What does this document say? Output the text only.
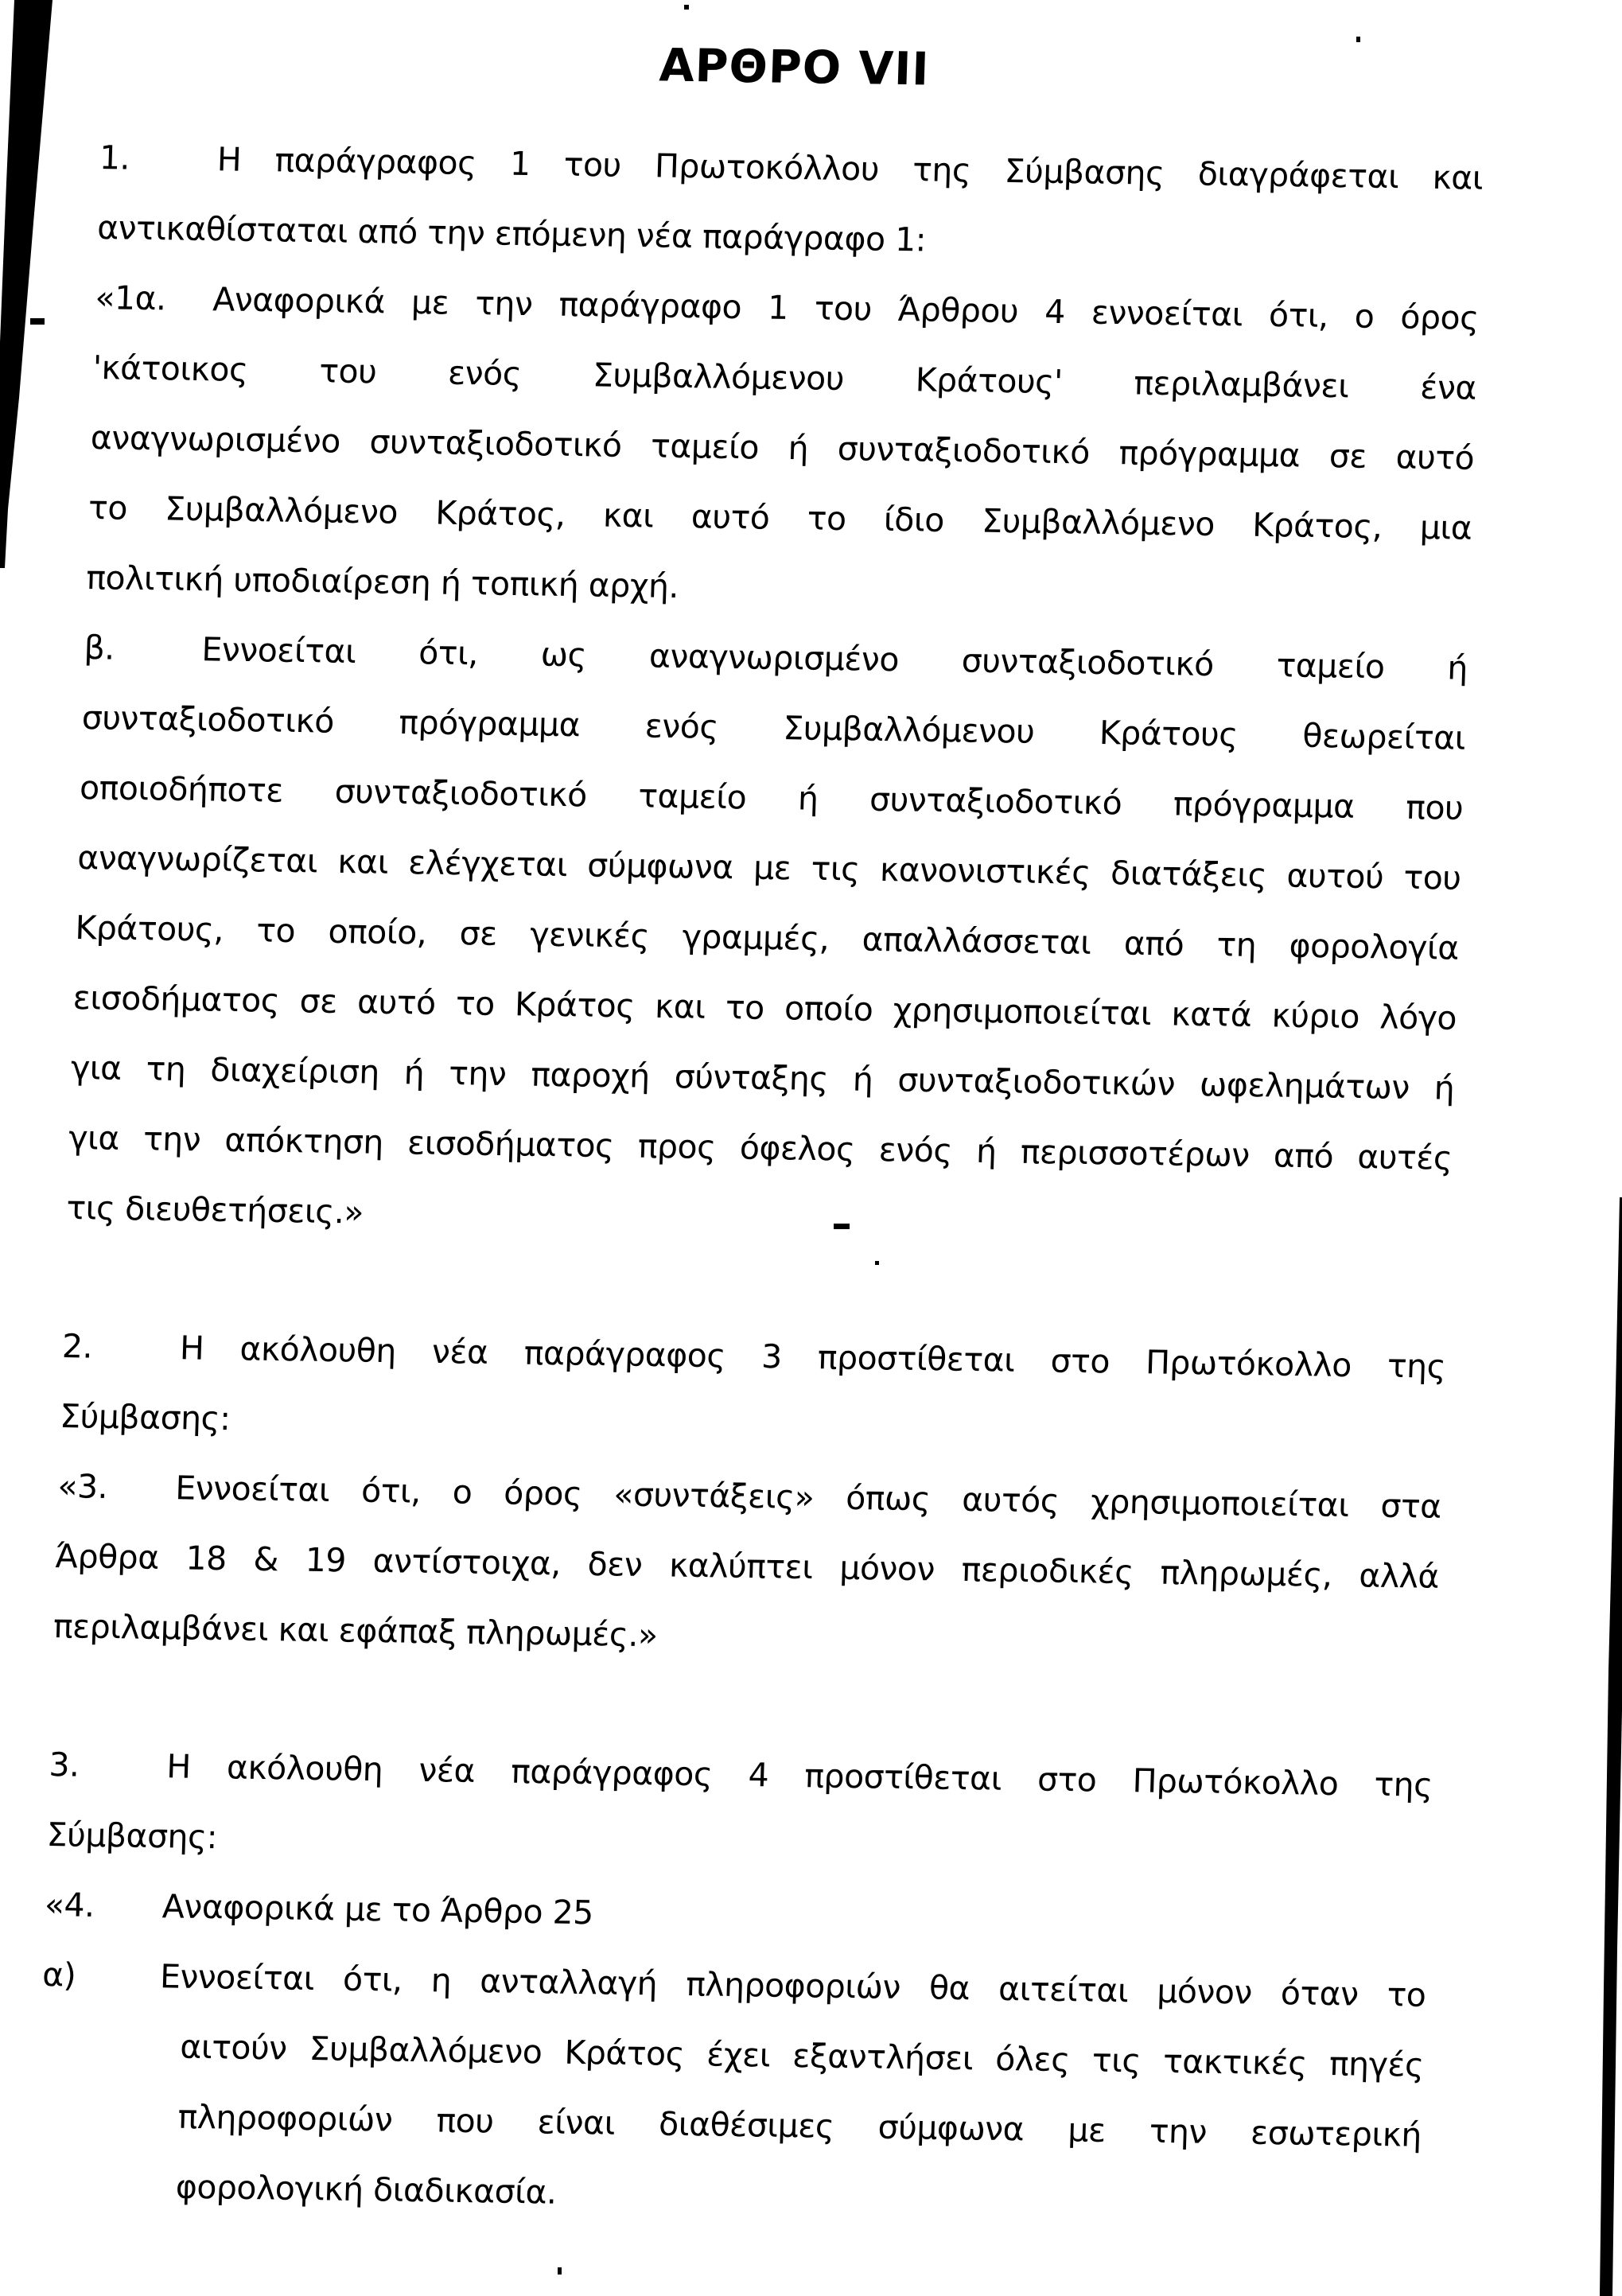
ΑΡΘΡΟ VII
1.	Η παράγραφος 1 του Πρωτοκόλλου της Σύμβασης διαγράφεται και
αντικαθίσταται από την επόμενη νέα παράγραφο 1:
«1α.	Αναφορικά με την παράγραφο 1 του Άρθρου 4 εννοείται ότι, ο όρος
'κάτοικος του ενός Συμβαλλόμενου Κράτους' περιλαμβάνει ένα
αναγνωρισμένο συνταξιοδοτικό ταμείο ή συνταξιοδοτικό πρόγραμμα σε αυτό
το Συμβαλλόμενο Κράτος, και αυτό το ίδιο Συμβαλλόμενο Κράτος, μια
πολιτική υποδιαίρεση ή τοπική αρχή.
β.	Εννοείται ότι, ως αναγνωρισμένο συνταξιοδοτικό ταμείο ή
συνταξιοδοτικό πρόγραμμα ενός Συμβαλλόμενου Κράτους θεωρείται
οποιοδήποτε συνταξιοδοτικό ταμείο ή συνταξιοδοτικό πρόγραμμα που
αναγνωρίζεται και ελέγχεται σύμφωνα με τις κανονιστικές διατάξεις αυτού του
Κράτους, το οποίο, σε γενικές γραμμές, απαλλάσσεται από τη φορολογία
εισοδήματος σε αυτό το Κράτος και το οποίο χρησιμοποιείται κατά κύριο λόγο
για τη διαχείριση ή την παροχή σύνταξης ή συνταξιοδοτικών ωφελημάτων ή
για την απόκτηση εισοδήματος προς όφελος ενός ή περισσοτέρων από αυτές
τις διευθετήσεις.»
2.	Η ακόλουθη νέα παράγραφος 3 προστίθεται στο Πρωτόκολλο της
Σύμβασης:
«3.	Εννοείται ότι, ο όρος «συντάξεις» όπως αυτός χρησιμοποιείται στα
Άρθρα 18 & 19 αντίστοιχα, δεν καλύπτει μόνον περιοδικές πληρωμές, αλλά
περιλαμβάνει και εφάπαξ πληρωμές.»
3.	Η ακόλουθη νέα παράγραφος 4 προστίθεται στο Πρωτόκολλο της
Σύμβασης:
«4.	Αναφορικά με το Άρθρο 25
α)	Εννοείται ότι, η ανταλλαγή πληροφοριών θα αιτείται μόνον όταν το
αιτούν Συμβαλλόμενο Κράτος έχει εξαντλήσει όλες τις τακτικές πηγές
πληροφοριών που είναι διαθέσιμες σύμφωνα με την εσωτερική
φορολογική διαδικασία.
